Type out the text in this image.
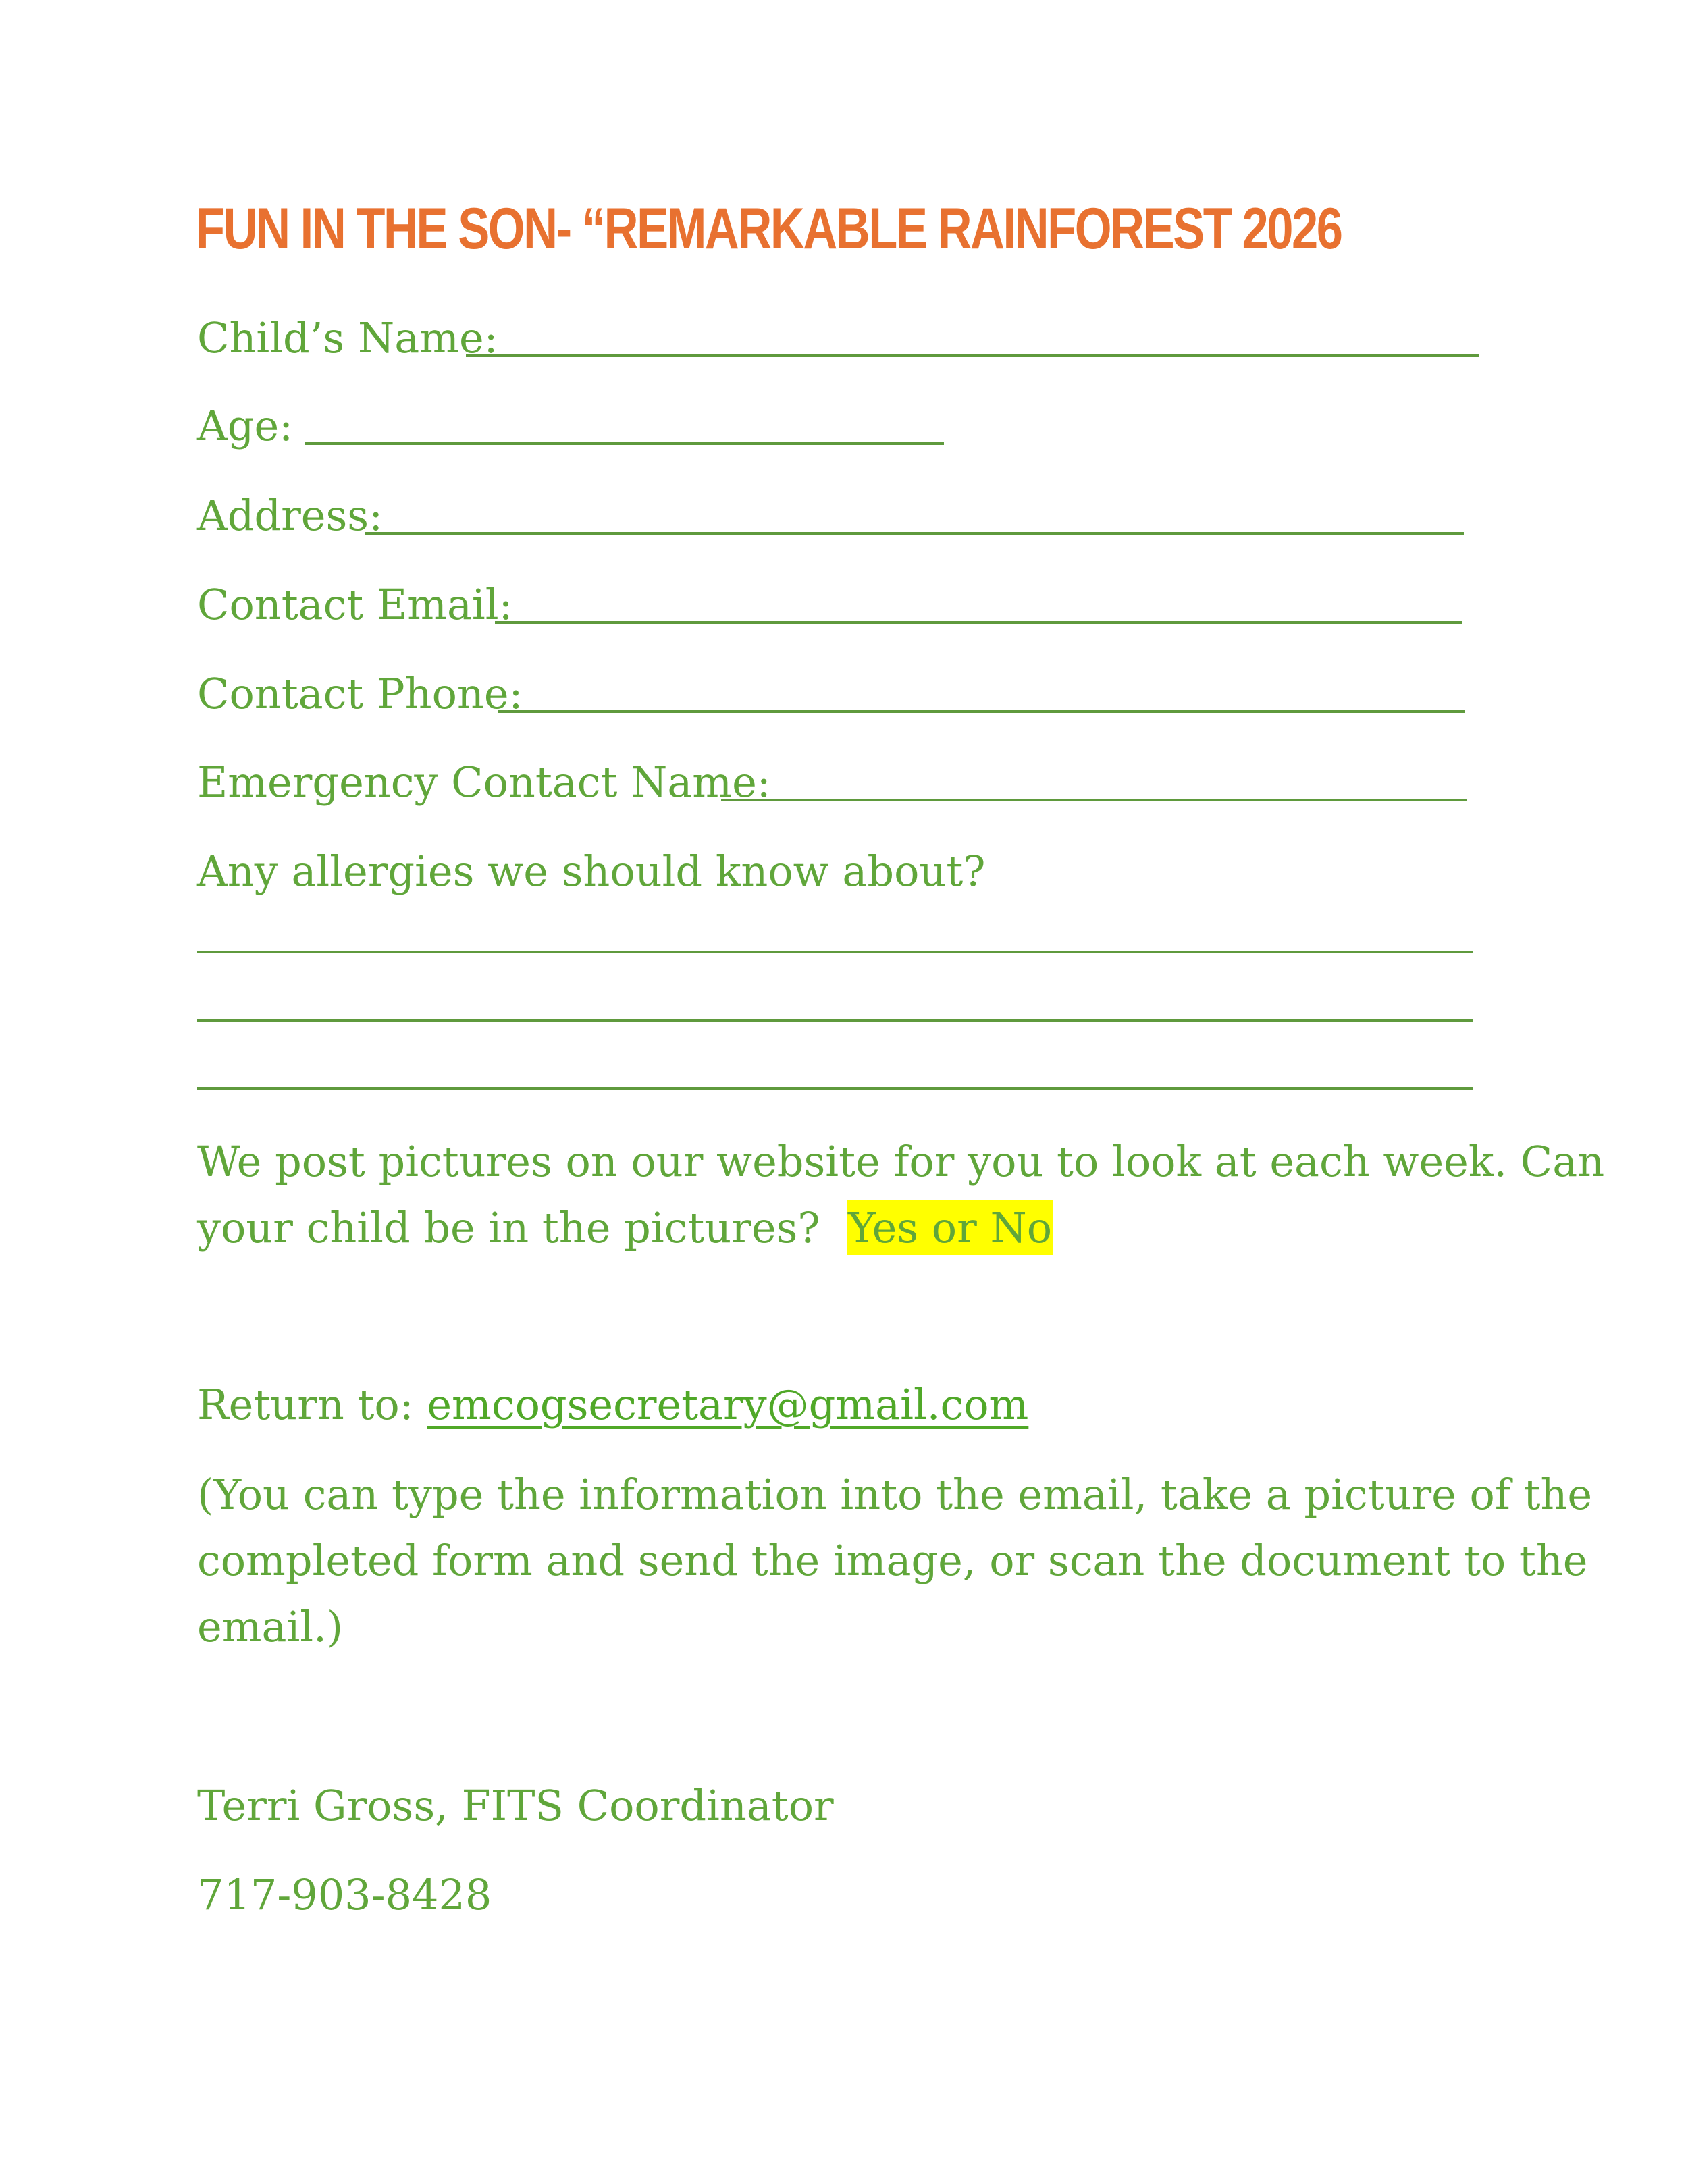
FUN IN THE SON- “REMARKABLE RAINFOREST 2026
Child’s Name:
Age:
Address:
Contact Email:
Contact Phone:
Emergency Contact Name:
Any allergies we should know about?
We post pictures on our website for you to look at each week. Can
your child be in the pictures? Yes or No
Return to: emcogsecretary@gmail.com
(You can type the information into the email, take a picture of the
completed form and send the image, or scan the document to the
email.)
Terri Gross, FITS Coordinator
717-903-8428
